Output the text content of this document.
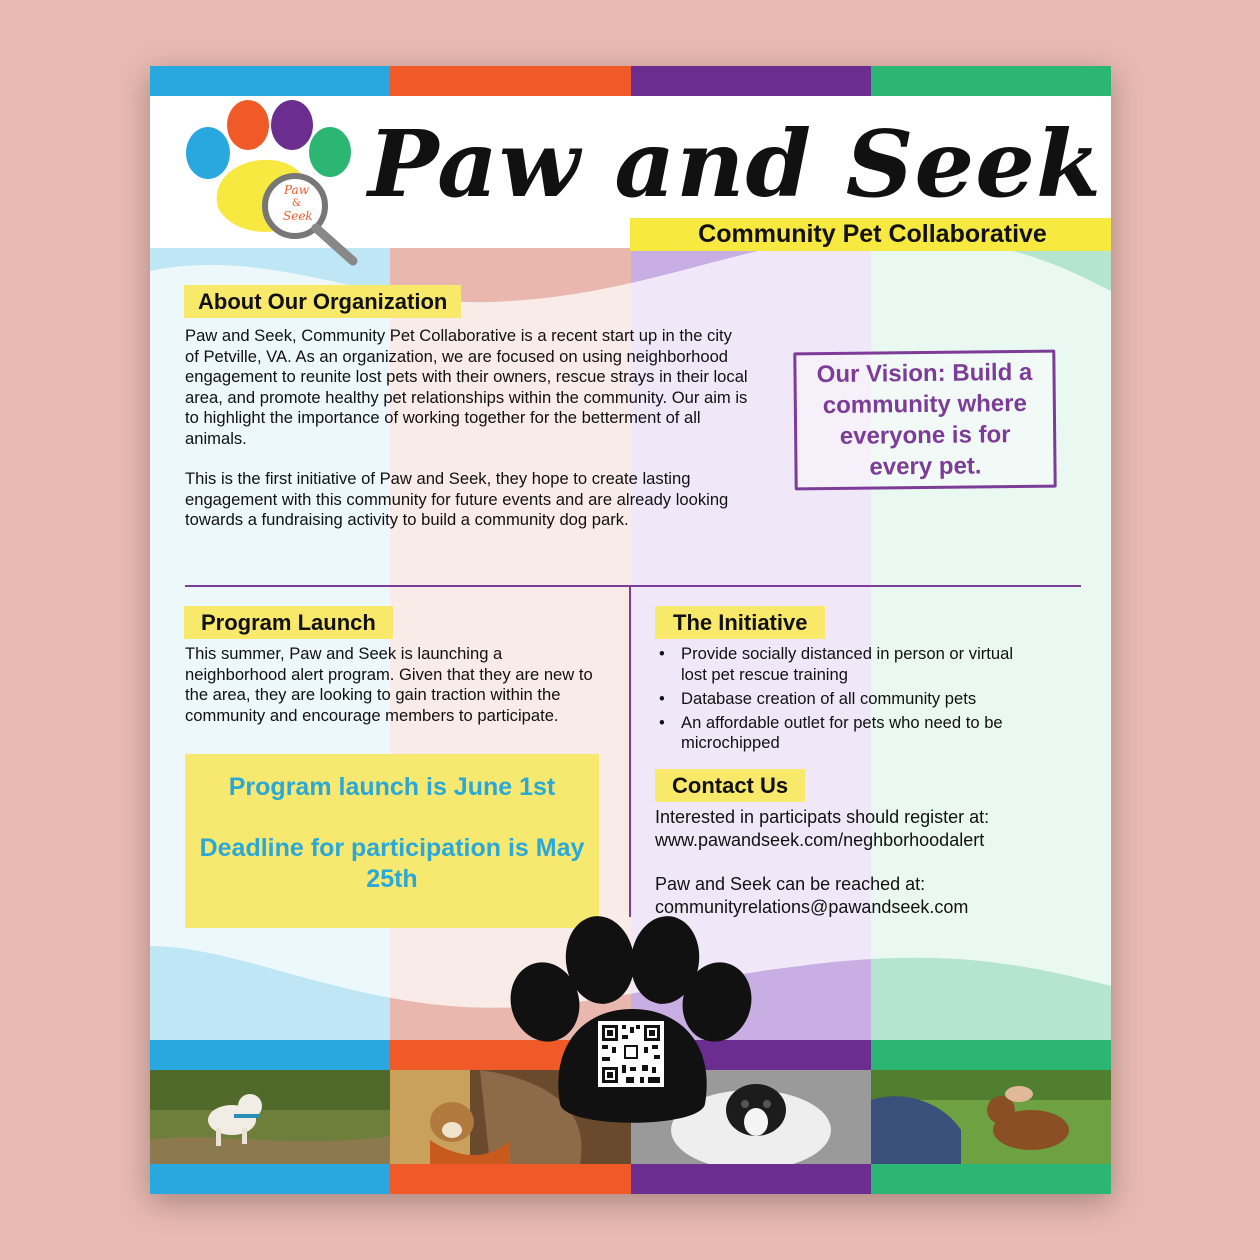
Paw
&
Seek Paw and Seek
Community Pet Collaborative
About Our Organization
Paw and Seek, Community Pet Collaborative is a recent start up in the city of Petville, VA. As an organization, we are focused on using neighborhood engagement to reunite lost pets with their owners, rescue strays in their local area, and promote healthy pet relationships within the community. Our aim is to highlight the importance of working together for the betterment of all animals.
This is the first initiative of Paw and Seek, they hope to create lasting engagement with this community for future events and are already looking towards a fundraising activity to build a community dog park.
Our Vision: Build a community where everyone is for every pet.
Program Launch
This summer, Paw and Seek is launching a neighborhood alert program. Given that they are new to the area, they are looking to gain traction within the community and encourage members to participate.
Program launch is June 1st
Deadline for participation is May 25th
The Initiative
• Provide socially distanced in person or virtual lost pet rescue training
• Database creation of all community pets
• An affordable outlet for pets who need to be microchipped
Contact Us
Interested in participats should register at:
www.pawandseek.com/neghborhoodalert
Paw and Seek can be reached at:
communityrelations@pawandseek.com
